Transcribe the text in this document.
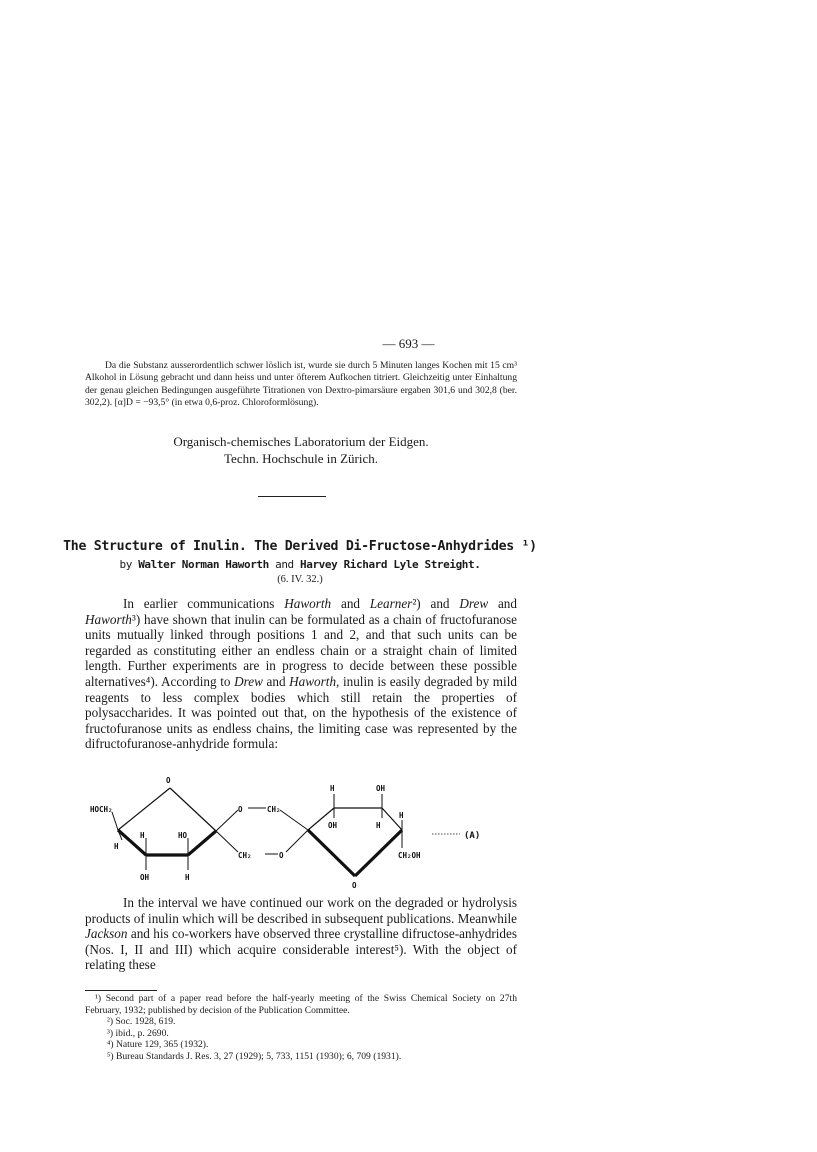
— 693 —

Da die Substanz ausserordentlich schwer löslich ist, wurde sie durch 5 Minuten langes Kochen mit 15 cm³ Alkohol in Lösung gebracht und dann heiss und unter öfterem Aufkochen titriert. Gleichzeitig unter Einhaltung der genau gleichen Bedingungen ausgeführte Titrationen von Dextro-pimarsäure ergaben 301,6 und 302,8 (ber. 302,2). [α]D = −93,5° (in etwa 0,6-proz. Chloroformlösung).

Organisch-chemisches Laboratorium der Eidgen.
Techn. Hochschule in Zürich.
The Structure of Inulin. The Derived Di-Fructose-Anhydrides ¹)
by Walter Norman Haworth and Harvey Richard Lyle Streight.
(6. IV. 32.)

In earlier communications Haworth and Learner²) and Drew and Haworth³) have shown that inulin can be formulated as a chain of fructofuranose units mutually linked through positions 1 and 2, and that such units can be regarded as constituting either an endless chain or a straight chain of limited length. Further experiments are in progress to decide between these possible alternatives⁴). According to Drew and Haworth, inulin is easily degraded by mild reagents to less complex bodies which still retain the properties of polysaccharides. It was pointed out that, on the hypothesis of the existence of fructofuranose units as endless chains, the limiting case was represented by the difructofuranose-anhydride formula:

O
HOCH₂
H
H	HO
OH	H
O	CH₂
CH₂	O
H	OH
OH	H
H
CH₂OH
O
(A)

In the interval we have continued our work on the degraded or hydrolysis products of inulin which will be described in subsequent publications. Meanwhile Jackson and his co-workers have observed three crystalline difructose-anhydrides (Nos. I, II and III) which acquire considerable interest⁵). With the object of relating these

¹) Second part of a paper read before the half-yearly meeting of the Swiss Chemical Society on 27th February, 1932; published by decision of the Publication Committee.

²) Soc. 1928, 619.

³) ibid., p. 2690.

⁴) Nature 129, 365 (1932).

⁵) Bureau Standards J. Res. 3, 27 (1929); 5, 733, 1151 (1930); 6, 709 (1931).
